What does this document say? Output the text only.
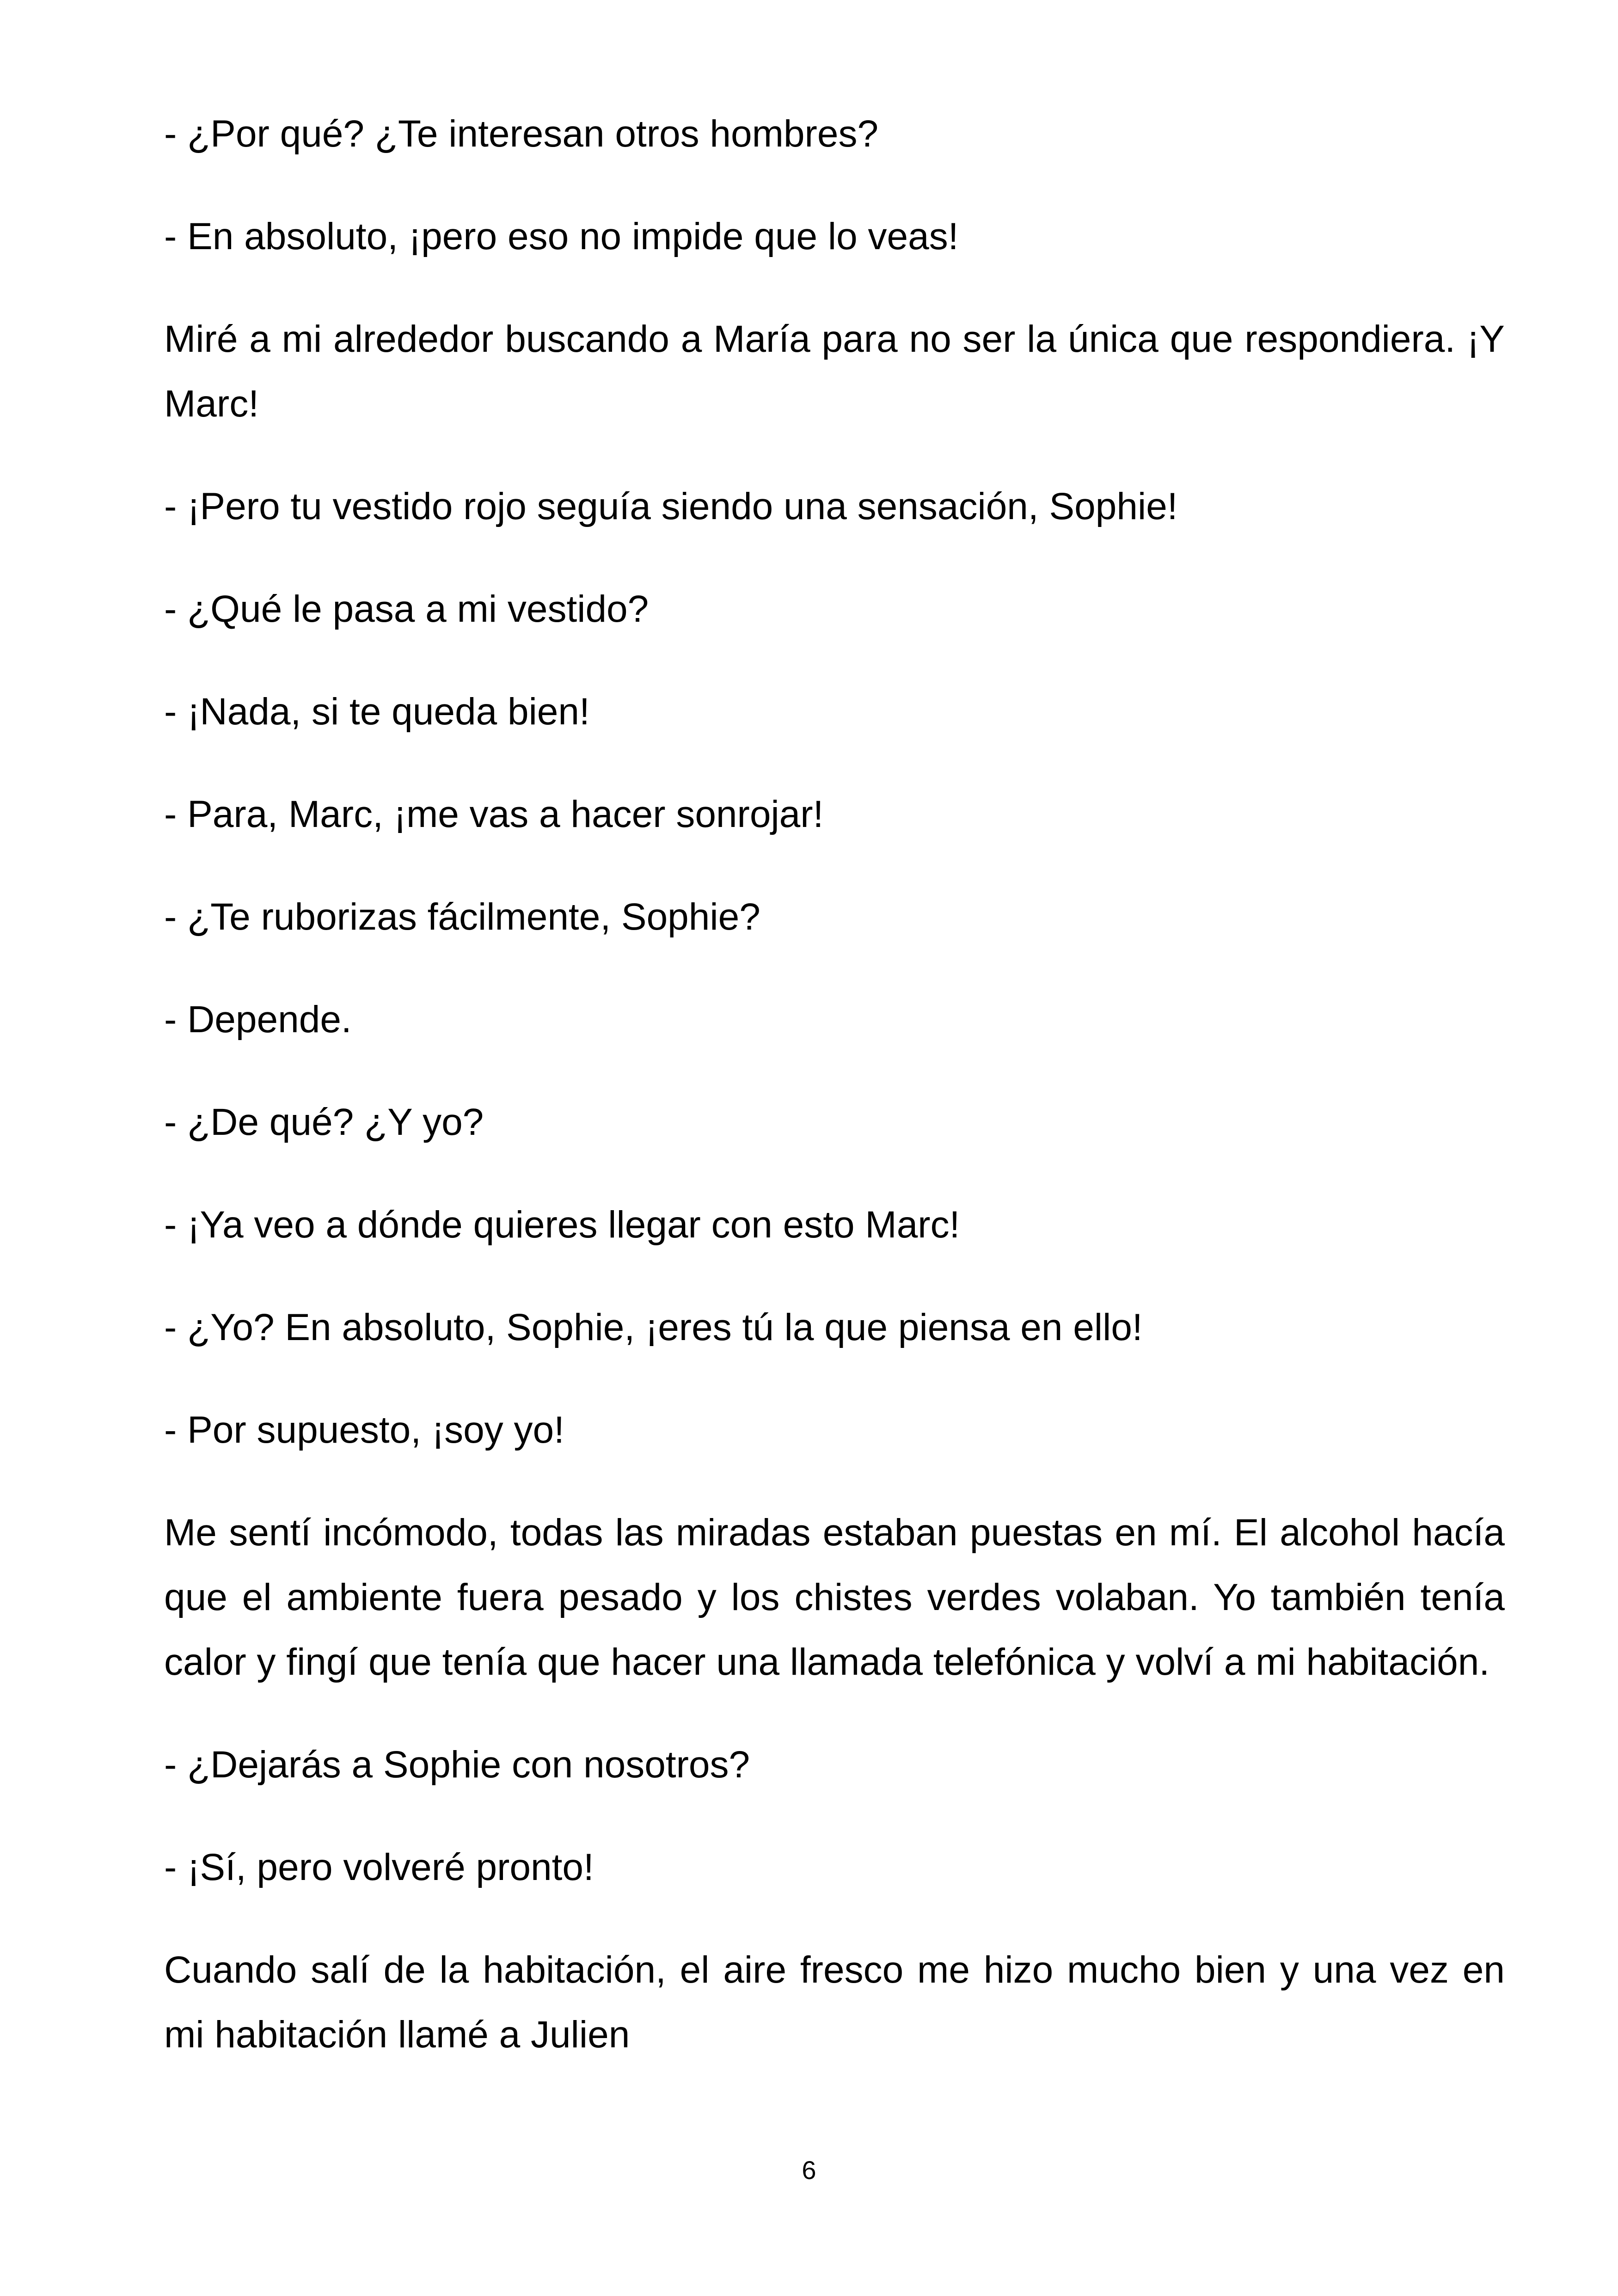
- ¿Por qué? ¿Te interesan otros hombres?

- En absoluto, ¡pero eso no impide que lo veas!

Miré a mi alrededor buscando a María para no ser la única que respondiera. ¡Y Marc!

- ¡Pero tu vestido rojo seguía siendo una sensación, Sophie!

- ¿Qué le pasa a mi vestido?

- ¡Nada, si te queda bien!

- Para, Marc, ¡me vas a hacer sonrojar!

- ¿Te ruborizas fácilmente, Sophie?

- Depende.

- ¿De qué? ¿Y yo?

- ¡Ya veo a dónde quieres llegar con esto Marc!

- ¿Yo? En absoluto, Sophie, ¡eres tú la que piensa en ello!

- Por supuesto, ¡soy yo!

Me sentí incómodo, todas las miradas estaban puestas en mí. El alcohol hacía que el ambiente fuera pesado y los chistes verdes volaban. Yo también tenía calor y fingí que tenía que hacer una llamada telefónica y volví a mi habitación.

- ¿Dejarás a Sophie con nosotros?

- ¡Sí, pero volveré pronto!

Cuando salí de la habitación, el aire fresco me hizo mucho bien y una vez en mi habitación llamé a Julien

6
